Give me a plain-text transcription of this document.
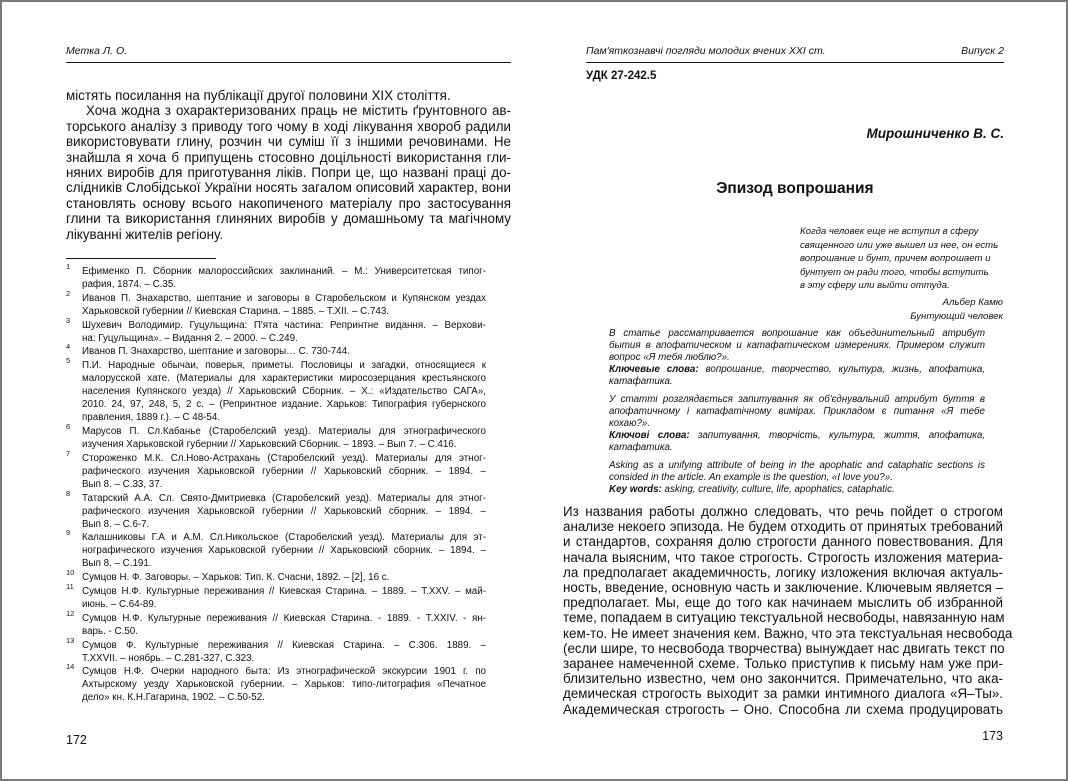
Метка Л. О.
містять посилання на публікації другої половини XIX століття.
Хоча жодна з охарактеризованих праць не містить ґрунтовного ав-
торського аналізу з приводу того чому в ході лікування хвороб радили
використовувати глину, розчин чи суміш її з іншими речовинами. Не
знайшла я хоча б припущень стосовно доцільності використання гли-
няних виробів для приготування ліків. Попри це, що названі праці до-
слідників Слобідської України носять загалом описовий характер, вони
становлять основу всього накопиченого матеріалу про застосування
глини та використання глиняних виробів у домашньому та магічному
лікуванні жителів регіону.
1 Ефименко П. Сборник малороссийских заклинаний. – М.: Университетская типог-
рафия, 1874. – С.35.
2 Иванов П. Знахарство, шептание и заговоры в Старобельском и Купянском уездах
Харьковской губернии // Киевская Старина. – 1885. – Т.XII. – С.743.
3 Шухевич Володимир. Гуцульщина: П'ята частина: Репринтне видання. – Верхови-
на: Гуцульщина». – Видання 2. – 2000. – С.249.
4 Иванов П. Знахарство, шептание и заговоры… С. 730-744.
5 П.И. Народные обычаи, поверья, приметы. Пословицы и загадки, относящиеся к
малорусской хате. (Материалы для характеристики миросозерцания крестьянского
населения Купянского уезда) // Харьковский Сборник. – Х.: «Издательство САГА»,
2010. 24, 97, 248, 5, 2 с. – (Репринтное издание. Харьков: Типография губернского
правления, 1889 г.). – С 48-54.
6 Марусов П. Сл.Кабанье (Старобелский уезд). Материалы для этнографического
изучения Харьковской губернии // Харьковский Сборник. – 1893. – Вып 7. – С.416.
7 Стороженко М.К. Сл.Ново-Астрахань (Старобелский уезд). Материалы для этног-
рафического изучения Харьковской губернии // Харьковский сборник. – 1894. –
Вып 8. – С.33, 37.
8 Татарский А.А. Сл. Свято-Дмитриевка (Старобелский уезд). Материалы для этног-
рафического изучения Харьковской губернии // Харьковский сборник. – 1894. –
Вып 8. – С.6-7.
9 Калашниковы Г.А и А.М. Сл.Никольское (Старобелский уезд). Материалы для эт-
нографического изучения Харьковской губернии // Харьковский сборник. – 1894. –
Вып 8. – С.191.
10 Сумцов Н. Ф. Заговоры. – Харьков: Тип. К. Счасни, 1892. – [2], 16 с.
11 Сумцов Н.Ф. Культурные переживания // Киевская Старина. – 1889. – Т.XXV. – май-
июнь. – С.64-89.
12 Сумцов Н.Ф. Культурные переживания // Киевская Старина. - 1889. - Т.XXIV. - ян-
варь. - С.50.
13 Сумцов Ф. Культурные переживания // Киевская Старина. – С.306. 1889. –
Т.XXVII. – ноябрь. – С.281-327, С.323.
14 Сумцов Н.Ф. Очерки народного быта: Из этнографической экскурсии 1901 г. по
Ахтырскому уезду Харьковской губернии. – Харьков: типо-литография «Печатное
дело» кн. К.Н.Гагарина, 1902. – С.50-52.
172
Пам'яткознавчі погляди молодих вчених XXI ст.	Випуск 2
УДК 27-242.5
Мирошниченко В. С.
Эпизод вопрошания
Когда человек еще не вступил в сферу
священного или уже вышел из нее, он есть
вопрошание и бунт, причем вопрошает и
бунтует он ради того, чтобы вступить
в эту сферу или выйти оттуда.
Альбер Камю
Бунтующий человек
В статье рассматривается вопрошание как объединительный атрибут бытия в апофатическом и катафатическом измерениях. Примером служит вопрос «Я тебя люблю?».
Ключевые слова: вопрошание, творчество, культура, жизнь, апофатика, катафатика.
У статті розглядається запитування як об'єднувальний атрибут буття в апофатичному і катафатічному вимірах. Прикладом є питання «Я тебе кохаю?».
Ключові слова: запитування, творчість, культура, життя, апофатика, катафатика.
Asking as a unifying attribute of being in the apophatic and cataphatic sections is consided in the article. An example is the question, «I love you?».
Key words: asking, creativity, culture, life, apophatics, cataphatic.
Из названия работы должно следовать, что речь пойдет о строгом
анализе некоего эпизода. Не будем отходить от принятых требований
и стандартов, сохраняя долю строгости данного повествования. Для
начала выясним, что такое строгость. Строгость изложения материа-
ла предполагает академичность, логику изложения включая актуаль-
ность, введение, основную часть и заключение. Ключевым является –
предполагает. Мы, еще до того как начинаем мыслить об избранной
теме, попадаем в ситуацию текстуальной несвободы, навязанную нам
кем-то. Не имеет значения кем. Важно, что эта текстуальная несвобода
(если шире, то несвобода творчества) вынуждает нас двигать текст по
заранее намеченной схеме. Только приступив к письму нам уже при-
близительно известно, чем оно закончится. Примечательно, что ака-
демическая строгость выходит за рамки интимного диалога «Я–Ты».
Академическая строгость – Оно. Способна ли схема продуцировать
173
